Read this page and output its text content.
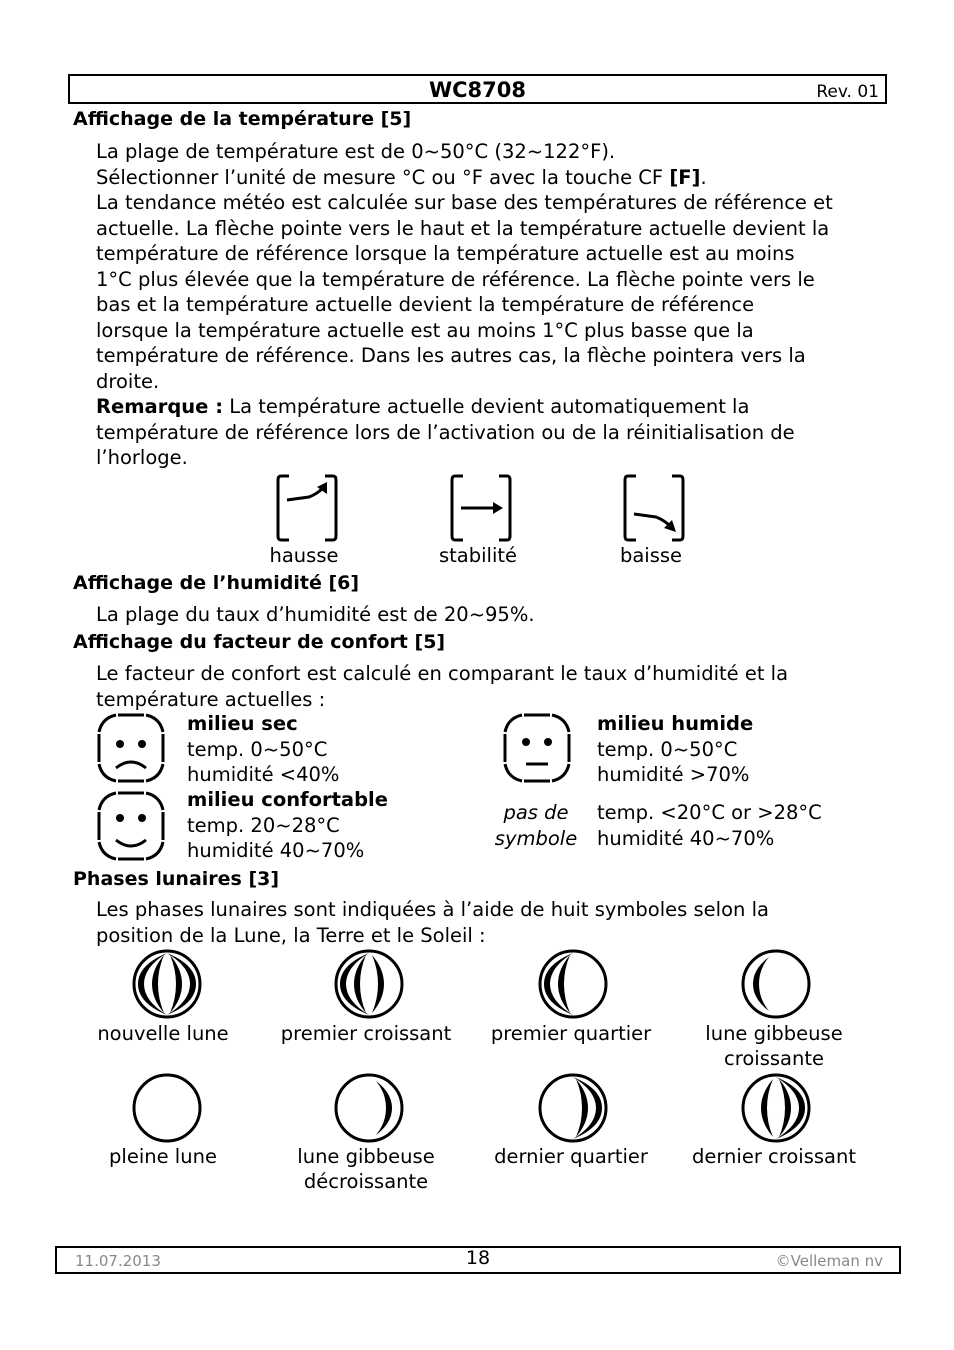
WC8708	Rev. 01
Affichage de la température [5]
La plage de température est de 0~50°C (32~122°F).
Sélectionner l’unité de mesure °C ou °F avec la touche CF [F].
La tendance météo est calculée sur base des températures de référence et
actuelle. La flèche pointe vers le haut et la température actuelle devient la
température de référence lorsque la température actuelle est au moins
1°C plus élevée que la température de référence. La flèche pointe vers le
bas et la température actuelle devient la température de référence
lorsque la température actuelle est au moins 1°C plus basse que la
température de référence. Dans les autres cas, la flèche pointera vers la
droite.
Remarque : La température actuelle devient automatiquement la
température de référence lors de l’activation ou de la réinitialisation de
l’horloge.
hausse	stabilité	baisse
Affichage de l’humidité [6]
La plage du taux d’humidité est de 20~95%.
Affichage du facteur de confort [5]
Le facteur de confort est calculé en comparant le taux d’humidité et la
température actuelles :
milieu sec
temp. 0~50°C
humidité <40%
milieu confortable
temp. 20~28°C
humidité 40~70%
milieu humide
temp. 0~50°C
humidité >70%
pas de
symbole
temp. <20°C or >28°C
humidité 40~70%
Phases lunaires [3]
Les phases lunaires sont indiquées à l’aide de huit symboles selon la
position de la Lune, la Terre et le Soleil :
nouvelle lune	premier croissant	premier quartier	lune gibbeuse
croissante
pleine lune	lune gibbeuse
décroissante
dernier quartier	dernier croissant
11.07.2013	18	©Velleman nv
